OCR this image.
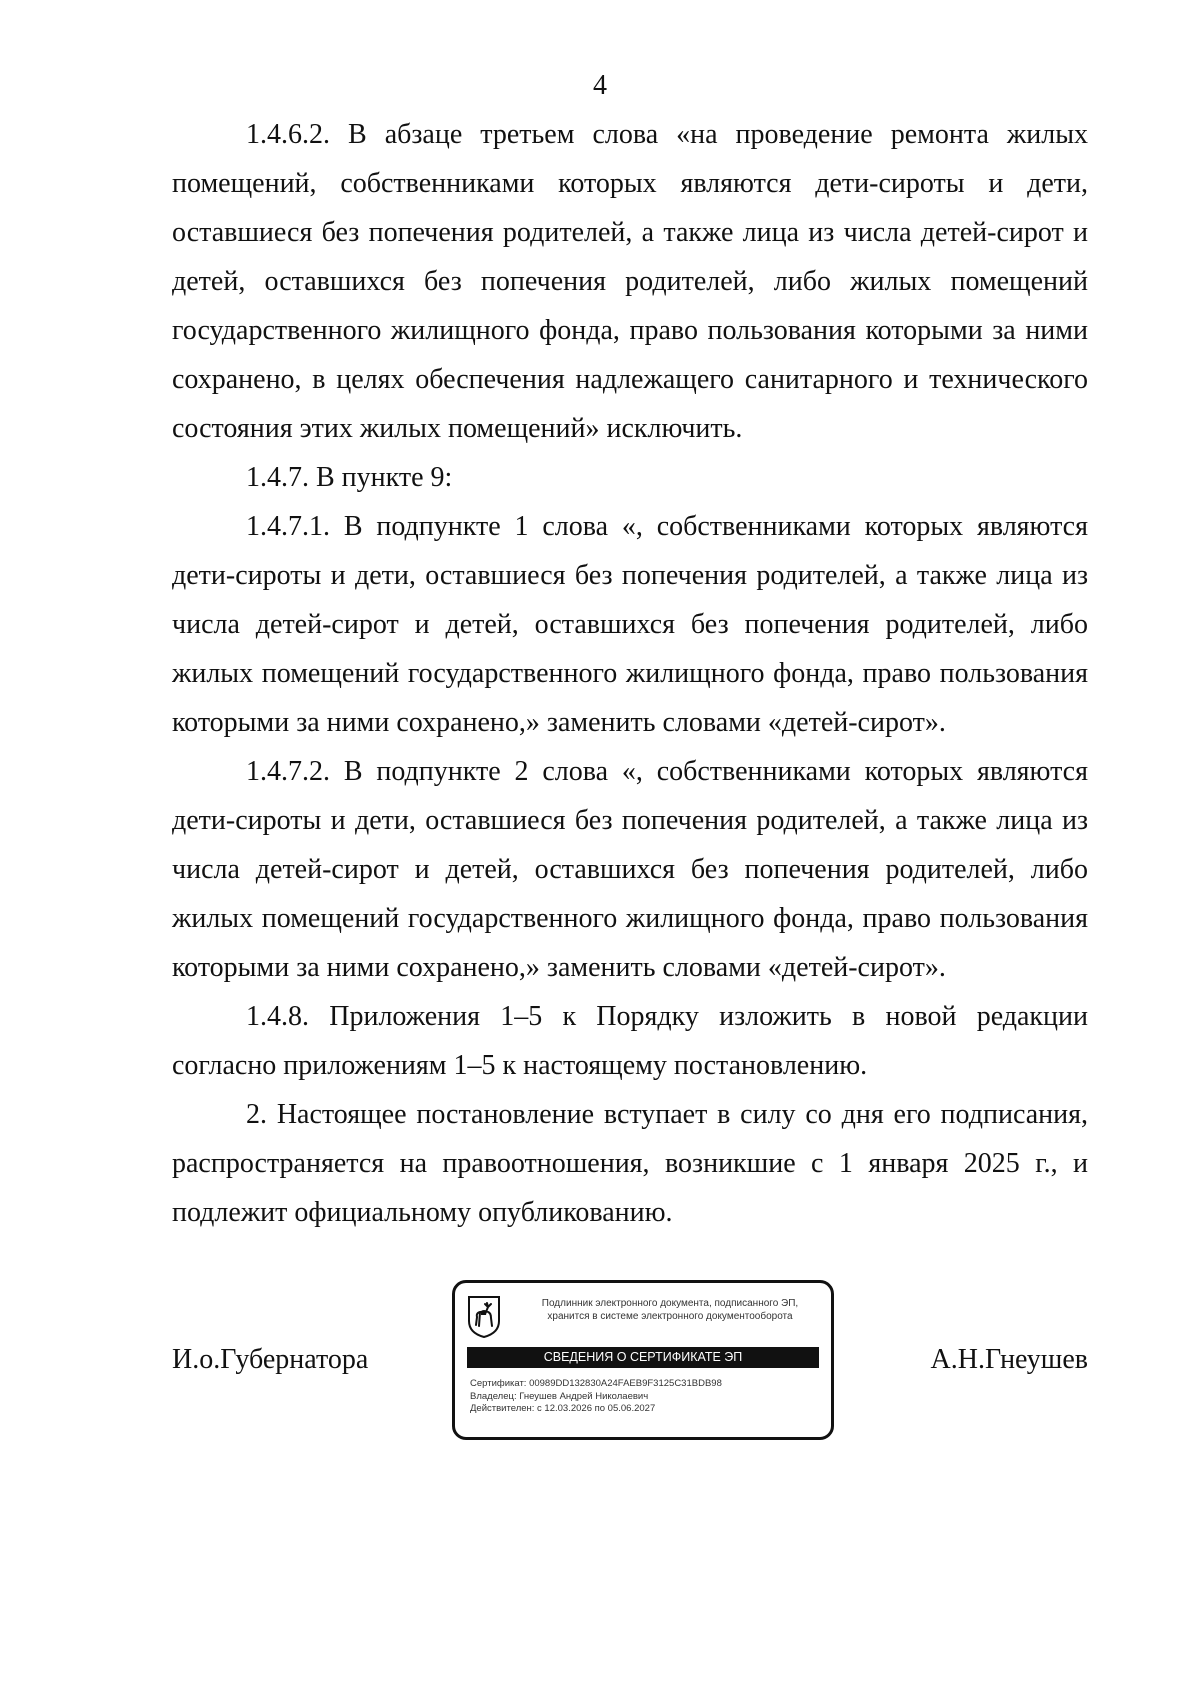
4

1.4.6.2. В абзаце третьем слова «на проведение ремонта жилых помещений, собственниками которых являются дети-сироты и дети, оставшиеся без попечения родителей, а также лица из числа детей-сирот и детей, оставшихся без попечения родителей, либо жилых помещений государственного жилищного фонда, право пользования которыми за ними сохранено, в целях обеспечения надлежащего санитарного и технического состояния этих жилых помещений» исключить.

1.4.7. В пункте 9:

1.4.7.1. В подпункте 1 слова «, собственниками которых являются дети-сироты и дети, оставшиеся без попечения родителей, а также лица из числа детей-сирот и детей, оставшихся без попечения родителей, либо жилых помещений государственного жилищного фонда, право пользования которыми за ними сохранено,» заменить словами «детей-сирот».

1.4.7.2. В подпункте 2 слова «, собственниками которых являются дети-сироты и дети, оставшиеся без попечения родителей, а также лица из числа детей-сирот и детей, оставшихся без попечения родителей, либо жилых помещений государственного жилищного фонда, право пользования которыми за ними сохранено,» заменить словами «детей-сирот».

1.4.8. Приложения 1–5 к Порядку изложить в новой редакции согласно приложениям 1–5 к настоящему постановлению.

2. Настоящее постановление вступает в силу со дня его подписания, распространяется на правоотношения, возникшие с 1 января 2025 г., и подлежит официальному опубликованию.

И.о.Губернатора	А.Н.Гнеушев
Подлинник электронного документа, подписанного ЭП,
хранится в системе электронного документооборота
СВЕДЕНИЯ О СЕРТИФИКАТЕ ЭП
Сертификат: 00989DD132830A24FAEB9F3125C31BDB98
Владелец: Гнеушев Андрей Николаевич
Действителен: с 12.03.2026 по 05.06.2027
